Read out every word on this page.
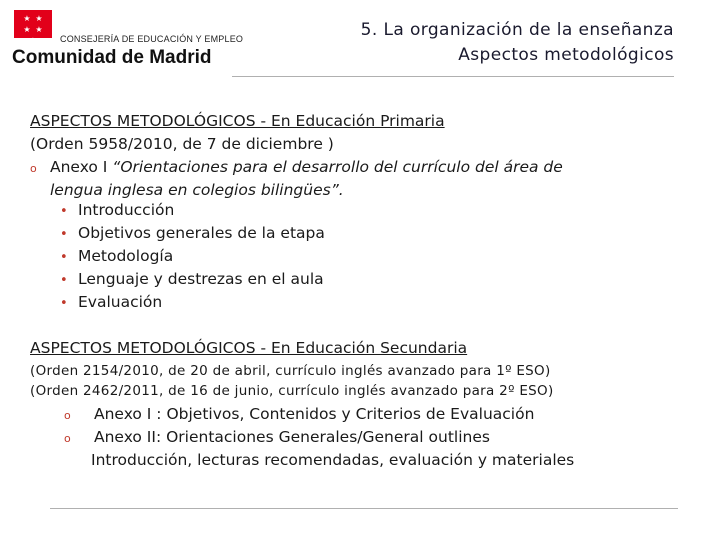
★ ★
★ ★
★ ★
★	CONSEJERÍA DE EDUCACIÓN Y EMPLEO
Comunidad de Madrid
5. La organización de la enseñanza
Aspectos metodológicos
ASPECTOS METODOLÓGICOS - En Educación Primaria
(Orden 5958/2010, de 7 de diciembre )
o Anexo I “Orientaciones para el desarrollo del currículo del área de
lengua inglesa en colegios bilingües”.
• Introducción
• Objetivos generales de la etapa
• Metodología
• Lenguaje y destrezas en el aula
• Evaluación
ASPECTOS METODOLÓGICOS - En Educación Secundaria
(Orden 2154/2010, de 20 de abril, currículo inglés avanzado para 1º ESO)
(Orden 2462/2011, de 16 de junio, currículo inglés avanzado para 2º ESO)
o Anexo I : Objetivos, Contenidos y Criterios de Evaluación
o Anexo II: Orientaciones Generales/General outlines
Introducción, lecturas recomendadas, evaluación y materiales
